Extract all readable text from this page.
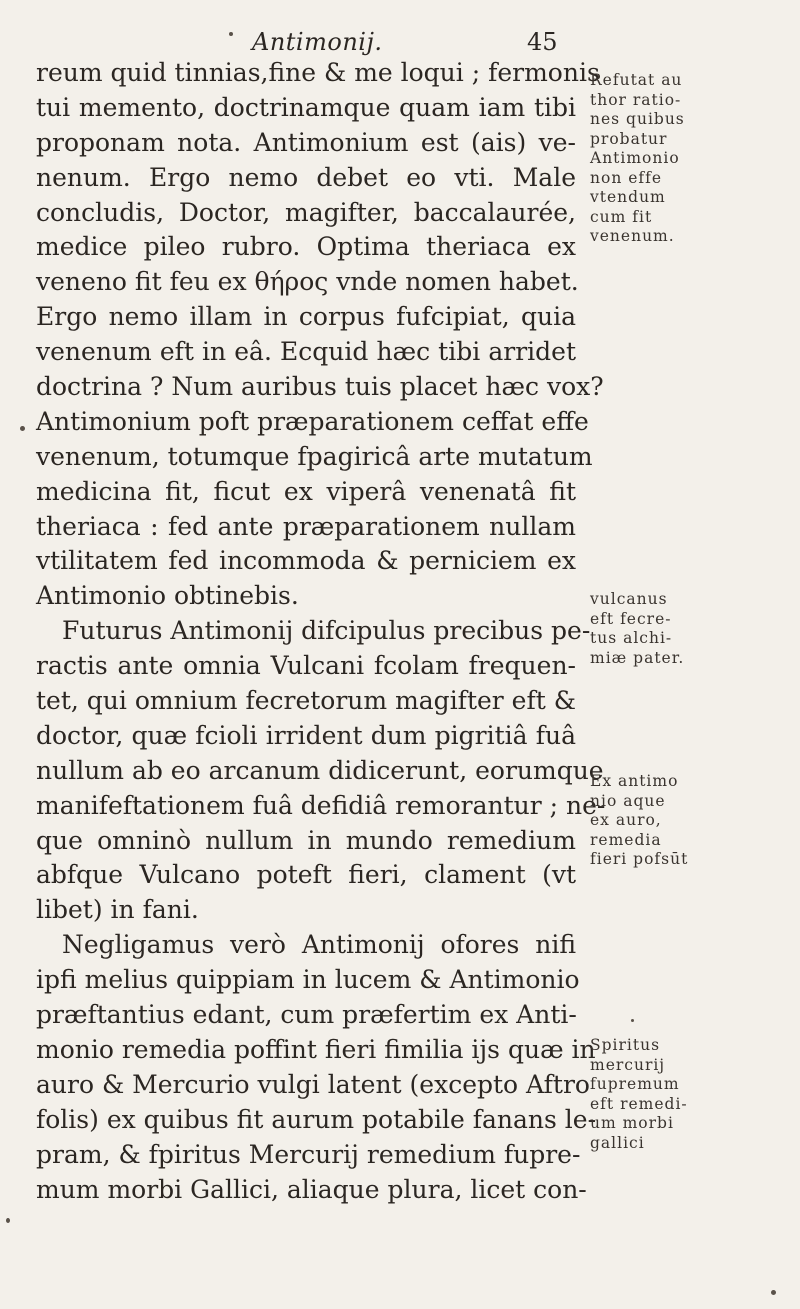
Antimonij.	45
reum quid tinnias,fine & me loqui ; fermonis
tui memento, doctrinamque quam iam tibi
proponam nota. Antimonium est (ais) ve-
nenum. Ergo nemo debet eo vti. Male
concludis, Doctor, magifter, baccalaurée,
medice pileo rubro. Optima theriaca ex
veneno fit feu ex θήρος vnde nomen habet.
Ergo nemo illam in corpus fufcipiat, quia
venenum eft in eâ. Ecquid hæc tibi arridet
doctrina ? Num auribus tuis placet hæc vox?
Antimonium poft præparationem ceffat effe
venenum, totumque fpagiricâ arte mutatum
medicina fit, ficut ex viperâ venenatâ fit
theriaca : fed ante præparationem nullam
vtilitatem fed incommoda & perniciem ex
Antimonio obtinebis.
Futurus Antimonij difcipulus precibus pe-
ractis ante omnia Vulcani fcolam frequen-
tet, qui omnium fecretorum magifter eft &
doctor, quæ fcioli irrident dum pigritiâ fuâ
nullum ab eo arcanum didicerunt, eorumque
manifeftationem fuâ defidiâ remorantur ; ne-
que omninò nullum in mundo remedium
abfque Vulcano poteft fieri, clament (vt
libet) in fani.
Negligamus verò Antimonij ofores nifi
ipfi melius quippiam in lucem & Antimonio
præftantius edant, cum præfertim ex Anti-
monio remedia poffint fieri fimilia ijs quæ in
auro & Mercurio vulgi latent (excepto Aftro
folis) ex quibus fit aurum potabile fanans le-
pram, & fpiritus Mercurij remedium fupre-
mum morbi Gallici, aliaque plura, licet con-
Refutat au
thor ratio-
nes quibus
probatur
Antimonio
non effe
vtendum
cum fit
venenum.
vulcanus
eft fecre-
tus alchi-
miæ pater.
Ex antimo
nio aque
ex auro,
remedia
fieri pofsūt
Spiritus
mercurij
fupremum
eft remedi-
um morbi
gallici
